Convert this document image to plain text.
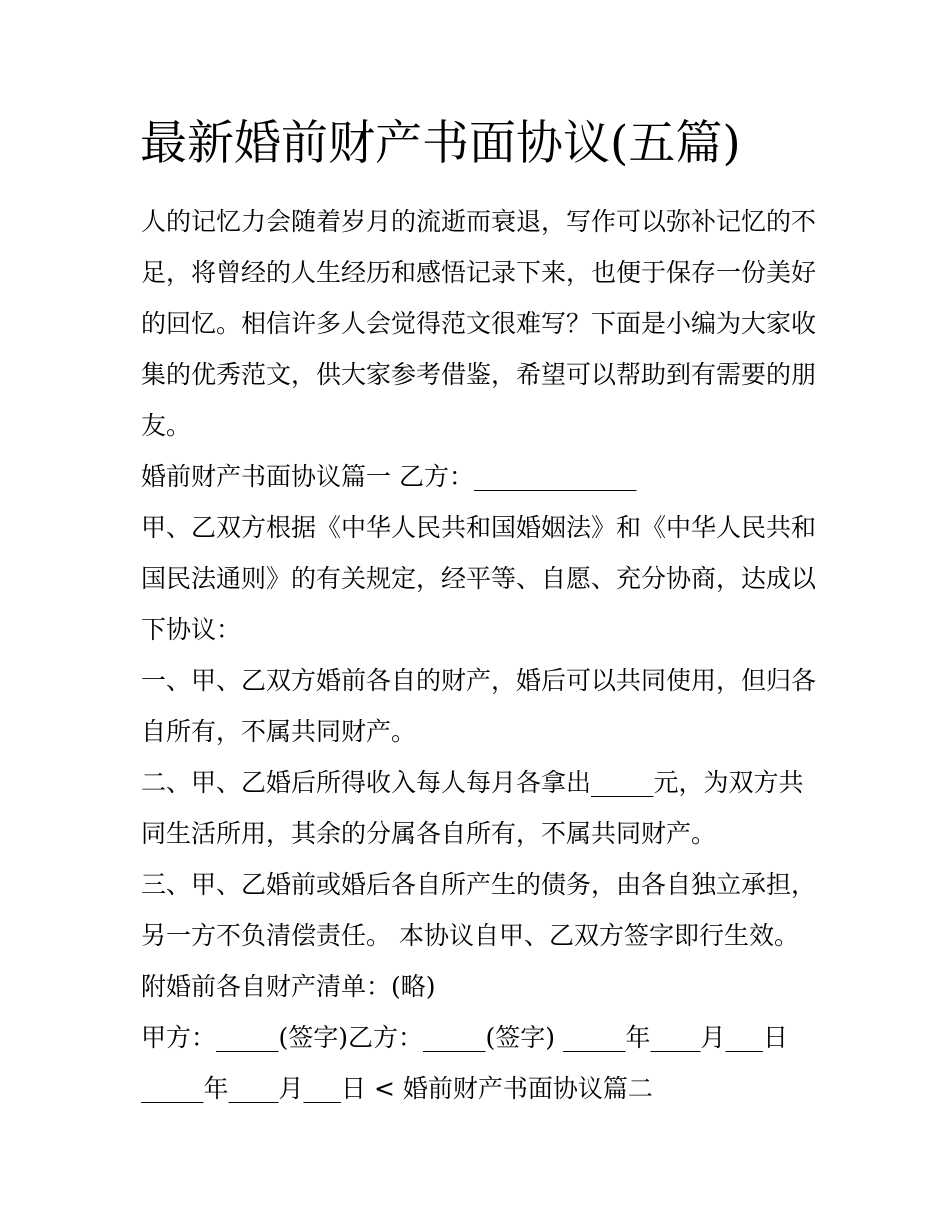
最新婚前财产书面协议(五篇)

人的记忆力会随着岁月的流逝而衰退，写作可以弥补记忆的不

足，将曾经的人生经历和感悟记录下来，也便于保存一份美好

的回忆。相信许多人会觉得范文很难写？下面是小编为大家收

集的优秀范文，供大家参考借鉴，希望可以帮助到有需要的朋

友。

婚前财产书面协议篇一 乙方：_____________

甲、乙双方根据《中华人民共和国婚姻法》和《中华人民共和

国民法通则》的有关规定，经平等、自愿、充分协商，达成以

下协议：

一、甲、乙双方婚前各自的财产，婚后可以共同使用，但归各

自所有，不属共同财产。

二、甲、乙婚后所得收入每人每月各拿出_____元，为双方共

同生活所用，其余的分属各自所有，不属共同财产。

三、甲、乙婚前或婚后各自所产生的债务，由各自独立承担，

另一方不负清偿责任。 本协议自甲、乙双方签字即行生效。

附婚前各自财产清单：(略)

甲方：_____(签字)乙方：_____(签字) _____年____月___日

_____年____月___日 < 婚前财产书面协议篇二
